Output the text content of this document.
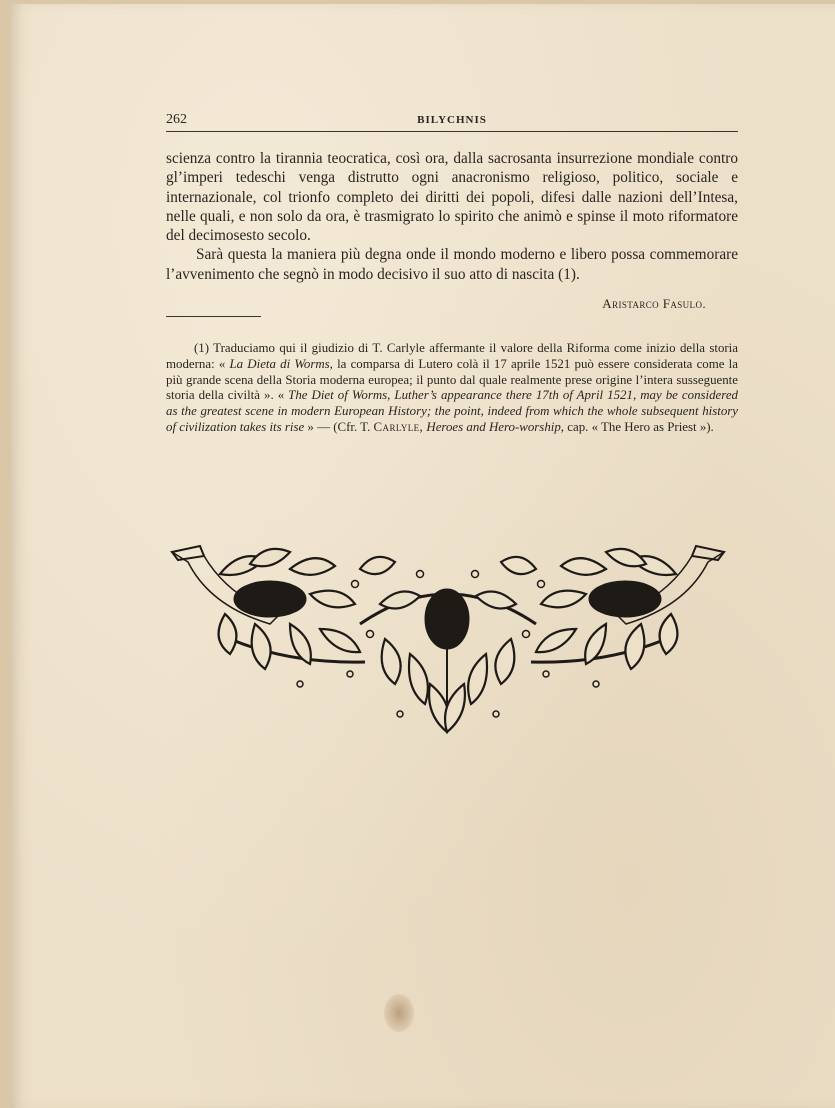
262	BILYCHNIS

scienza contro la tirannia teocratica, così ora, dalla sacrosanta insurrezione mondiale contro gl’imperi tedeschi venga distrutto ogni anacronismo religioso, politico, sociale e internazionale, col trionfo completo dei diritti dei popoli, difesi dalle nazioni dell’Intesa, nelle quali, e non solo da ora, è trasmigrato lo spirito che animò e spinse il moto riformatore del decimosesto secolo.

Sarà questa la maniera più degna onde il mondo moderno e libero possa commemorare l’avvenimento che segnò in modo decisivo il suo atto di nascita (1).

Aristarco Fasulo.

(1) Traduciamo qui il giudizio di T. Carlyle affermante il valore della Riforma come inizio della storia moderna: « La Dieta di Worms, la comparsa di Lutero colà il 17 aprile 1521 può essere considerata come la più grande scena della Storia moderna europea; il punto dal quale realmente prese origine l’intera susseguente storia della civiltà ». « The Diet of Worms, Luther’s appearance there 17th of April 1521, may be considered as the greatest scene in modern European History; the point, indeed from which the whole subsequent history of civilization takes its rise » — (Cfr. T. Carlyle, Heroes and Hero-worship, cap. « The Hero as Priest »).
